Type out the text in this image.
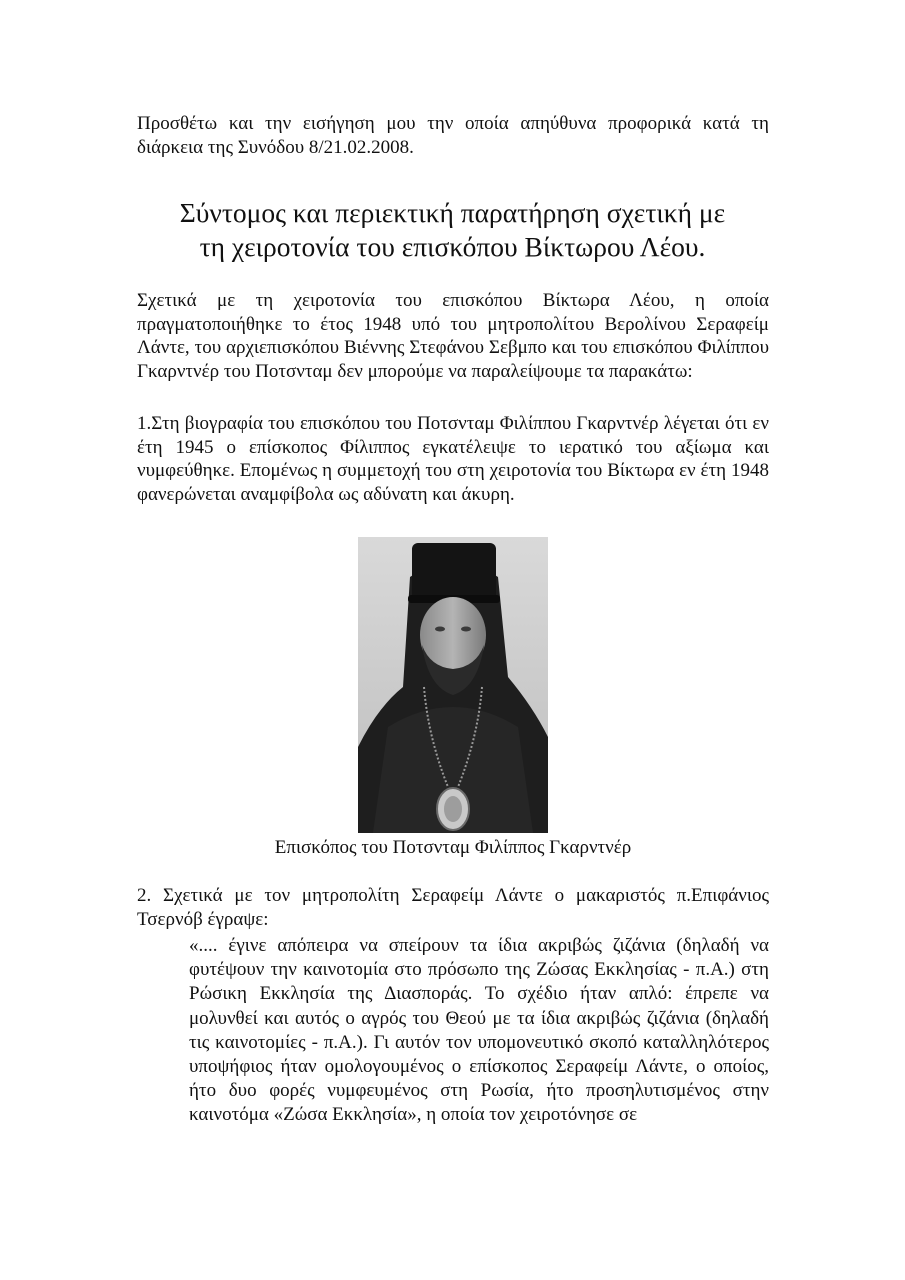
Προσθέτω και την εισήγηση μου την οποία απηύθυνα προφορικά κατά τη διάρκεια της Συνόδου 8/21.02.2008.

Σύντομος και περιεκτική παρατήρηση σχετική με
τη χειροτονία του επισκόπου Βίκτωρου Λέου.

Σχετικά με τη χειροτονία του επισκόπου Βίκτωρα Λέου, η οποία πραγματοποιήθηκε το έτος 1948 υπό του μητροπολίτου Βερολίνου Σεραφείμ Λάντε, του αρχιεπισκόπου Βιέννης Στεφάνου Σεβμπο και του επισκόπου Φιλίππου Γκαρντνέρ του Ποτσνταμ δεν μπορούμε να παραλείψουμε τα παρακάτω:

1.Στη βιογραφία του επισκόπου του Ποτσνταμ Φιλίππου Γκαρντνέρ λέγεται ότι εν έτη 1945 ο επίσκοπος Φίλιππος εγκατέλειψε το ιερατικό του αξίωμα και νυμφεύθηκε. Επομένως η συμμετοχή του στη χειροτονία του Βίκτωρα εν έτη 1948 φανερώνεται αναμφίβολα ως αδύνατη και άκυρη.

Επισκόπος του Ποτσνταμ Φιλίππος Γκαρντνέρ

2. Σχετικά με τον μητροπολίτη Σεραφείμ Λάντε ο μακαριστός π.Επιφάνιος Τσερνόβ έγραψε:

«.... έγινε απόπειρα να σπείρουν τα ίδια ακριβώς ζιζάνια (δηλαδή να φυτέψουν την καινοτομία στο πρόσωπο της Ζώσας Εκκλησίας - π.Α.) στη Ρώσικη Εκκλησία της Διασποράς. Το σχέδιο ήταν απλό: έπρεπε να μολυνθεί και αυτός ο αγρός του Θεού με τα ίδια ακριβώς ζιζάνια (δηλαδή τις καινοτομίες - π.Α.). Γι αυτόν τον υπομονευτικό σκοπό καταλληλότερος υποψήφιος ήταν ομολογουμένος ο επίσκοπος Σεραφείμ Λάντε, ο οποίος, ήτο δυο φορές νυμφευμένος στη Ρωσία, ήτο προσηλυτισμένος στην καινοτόμα «Ζώσα Εκκλησία», η οποία τον χειροτόνησε σε
